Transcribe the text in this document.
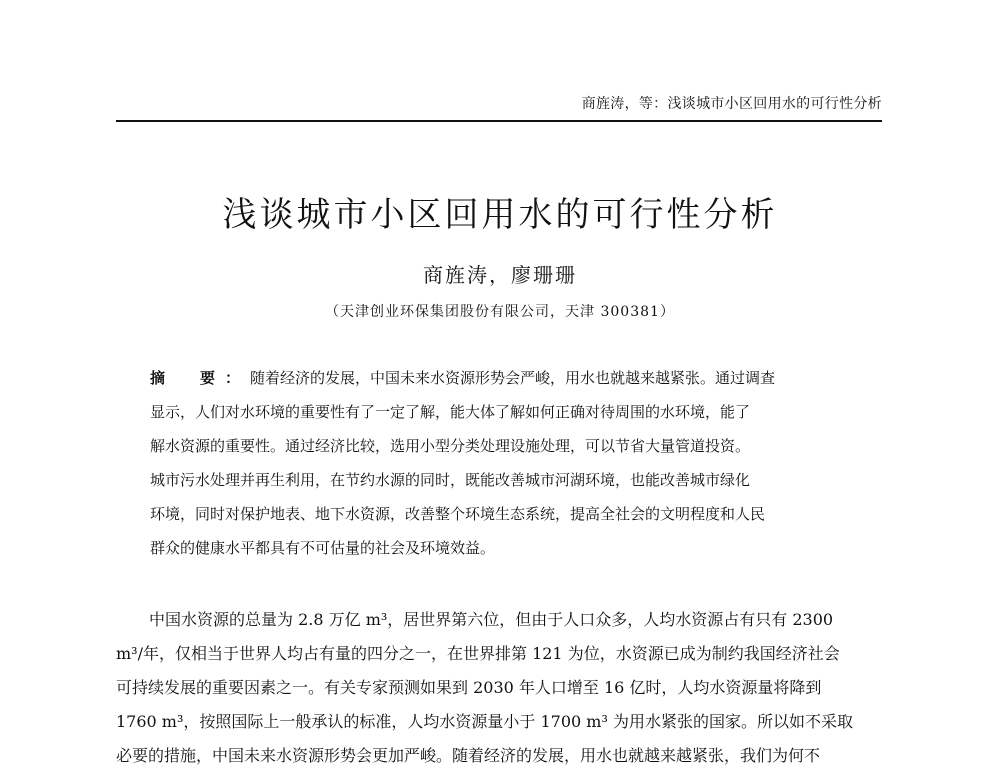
商旌涛，等：浅谈城市小区回用水的可行性分析
浅谈城市小区回用水的可行性分析
商旌涛，廖珊珊
（天津创业环保集团股份有限公司，天津 300381）
摘　要：随着经济的发展，中国未来水资源形势会严峻，用水也就越来越紧张。通过调查
显示，人们对水环境的重要性有了一定了解，能大体了解如何正确对待周围的水环境，能了
解水资源的重要性。通过经济比较，选用小型分类处理设施处理，可以节省大量管道投资。
城市污水处理并再生利用，在节约水源的同时，既能改善城市河湖环境，也能改善城市绿化
环境，同时对保护地表、地下水资源，改善整个环境生态系统，提高全社会的文明程度和人民
群众的健康水平都具有不可估量的社会及环境效益。
中国水资源的总量为 2.8 万亿 m³，居世界第六位，但由于人口众多，人均水资源占有只有 2300
m³/年，仅相当于世界人均占有量的四分之一，在世界排第 121 为位，水资源已成为制约我国经济社会
可持续发展的重要因素之一。有关专家预测如果到 2030 年人口增至 16 亿时，人均水资源量将降到
1760 m³，按照国际上一般承认的标准，人均水资源量小于 1700 m³ 为用水紧张的国家。所以如不采取
必要的措施，中国未来水资源形势会更加严峻。随着经济的发展，用水也就越来越紧张，我们为何不
